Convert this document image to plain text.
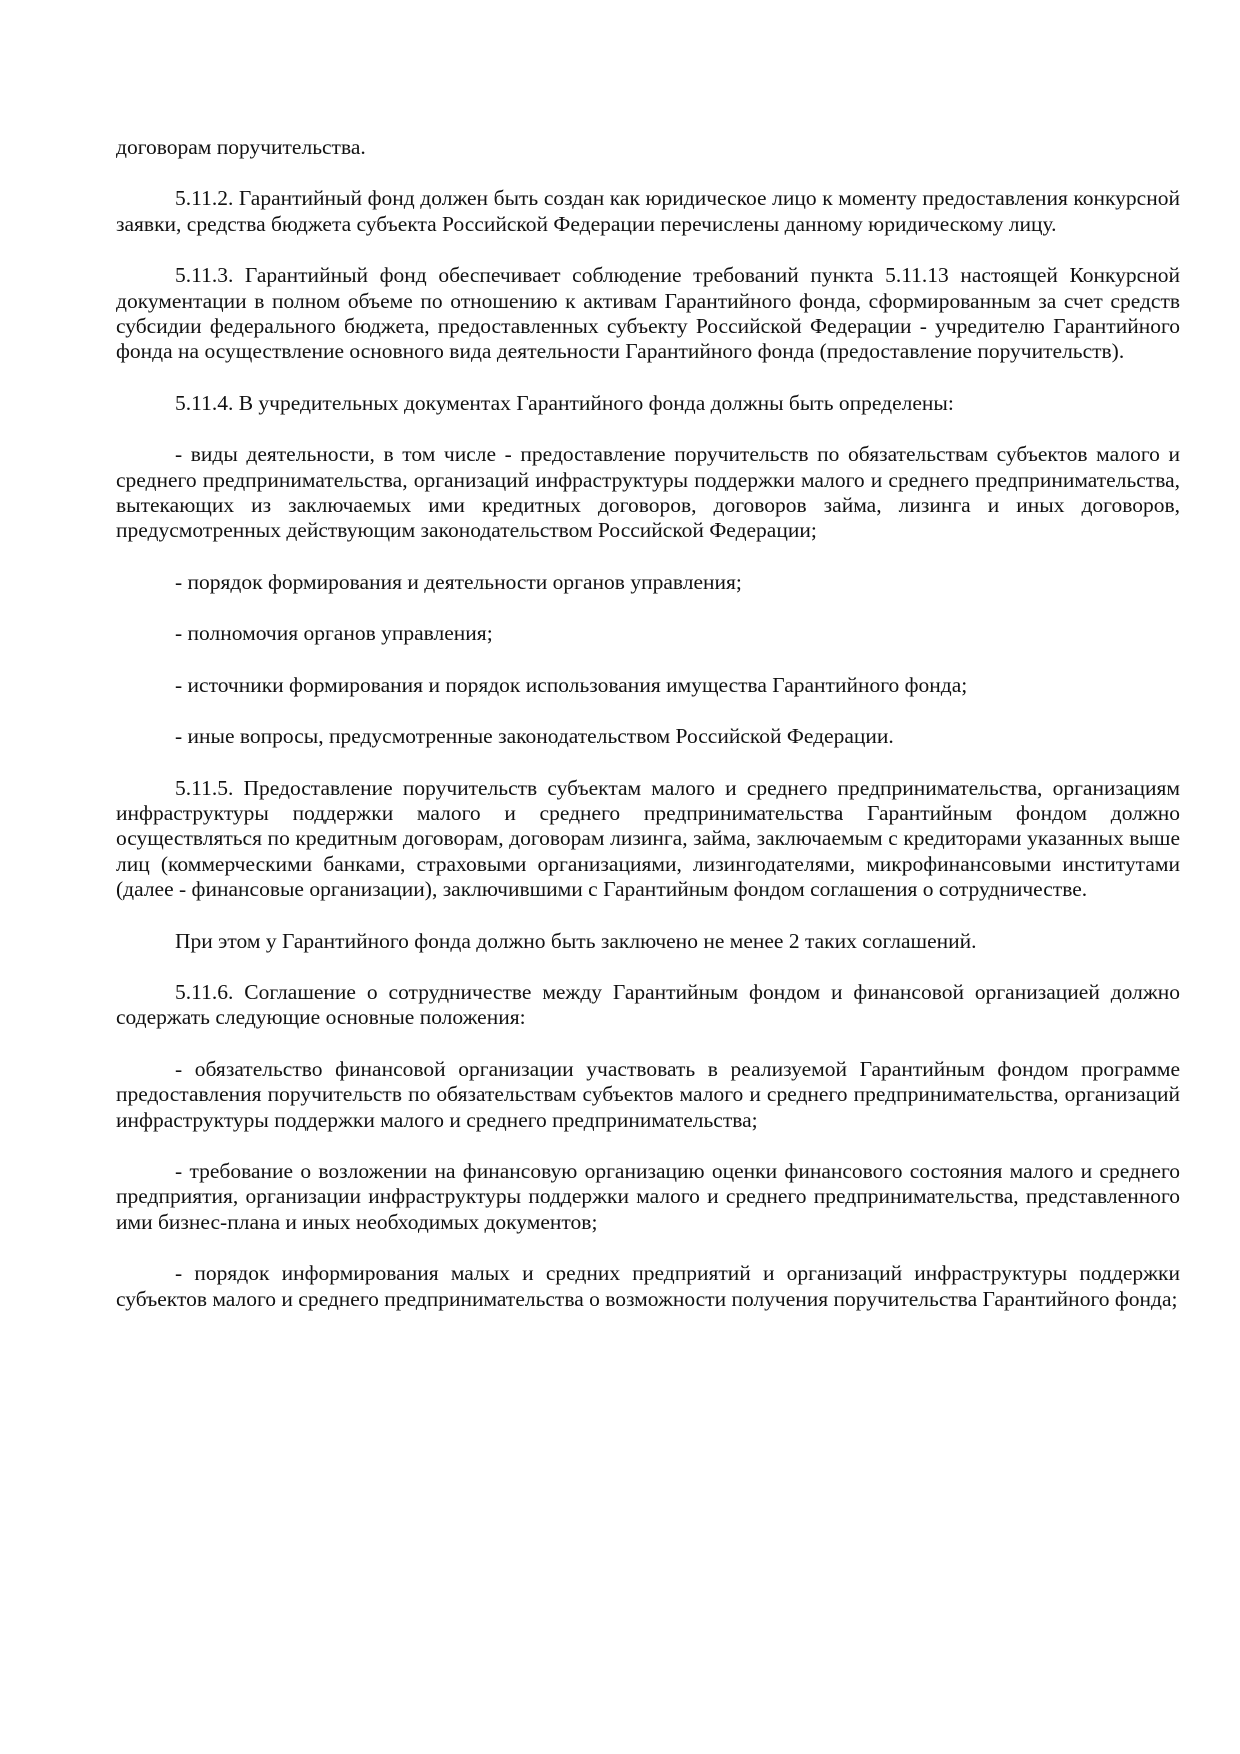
договорам поручительства.

5.11.2. Гарантийный фонд должен быть создан как юридическое лицо к моменту предоставления конкурсной заявки, средства бюджета субъекта Российской Федерации перечислены данному юридическому лицу.

5.11.3. Гарантийный фонд обеспечивает соблюдение требований пункта 5.11.13 настоящей Конкурсной документации в полном объеме по отношению к активам Гарантийного фонда, сформированным за счет средств субсидии федерального бюджета, предоставленных субъекту Российской Федерации - учредителю Гарантийного фонда на осуществление основного вида деятельности Гарантийного фонда (предоставление поручительств).

5.11.4. В учредительных документах Гарантийного фонда должны быть определены:

- виды деятельности, в том числе - предоставление поручительств по обязательствам субъектов малого и среднего предпринимательства, организаций инфраструктуры поддержки малого и среднего предпринимательства, вытекающих из заключаемых ими кредитных договоров, договоров займа, лизинга и иных договоров, предусмотренных действующим законодательством Российской Федерации;

- порядок формирования и деятельности органов управления;

- полномочия органов управления;

- источники формирования и порядок использования имущества Гарантийного фонда;

- иные вопросы, предусмотренные законодательством Российской Федерации.

5.11.5. Предоставление поручительств субъектам малого и среднего предпринимательства, организациям инфраструктуры поддержки малого и среднего предпринимательства Гарантийным фондом должно осуществляться по кредитным договорам, договорам лизинга, займа, заключаемым с кредиторами указанных выше лиц (коммерческими банками, страховыми организациями, лизингодателями, микрофинансовыми институтами (далее - финансовые организации), заключившими с Гарантийным фондом соглашения о сотрудничестве.

При этом у Гарантийного фонда должно быть заключено не менее 2 таких соглашений.

5.11.6. Соглашение о сотрудничестве между Гарантийным фондом и финансовой организацией должно содержать следующие основные положения:

- обязательство финансовой организации участвовать в реализуемой Гарантийным фондом программе предоставления поручительств по обязательствам субъектов малого и среднего предпринимательства, организаций инфраструктуры поддержки малого и среднего предпринимательства;

- требование о возложении на финансовую организацию оценки финансового состояния малого и среднего предприятия, организации инфраструктуры поддержки малого и среднего предпринимательства, представленного ими бизнес-плана и иных необходимых документов;

- порядок информирования малых и средних предприятий и организаций инфраструктуры поддержки субъектов малого и среднего предпринимательства о возможности получения поручительства Гарантийного фонда;
